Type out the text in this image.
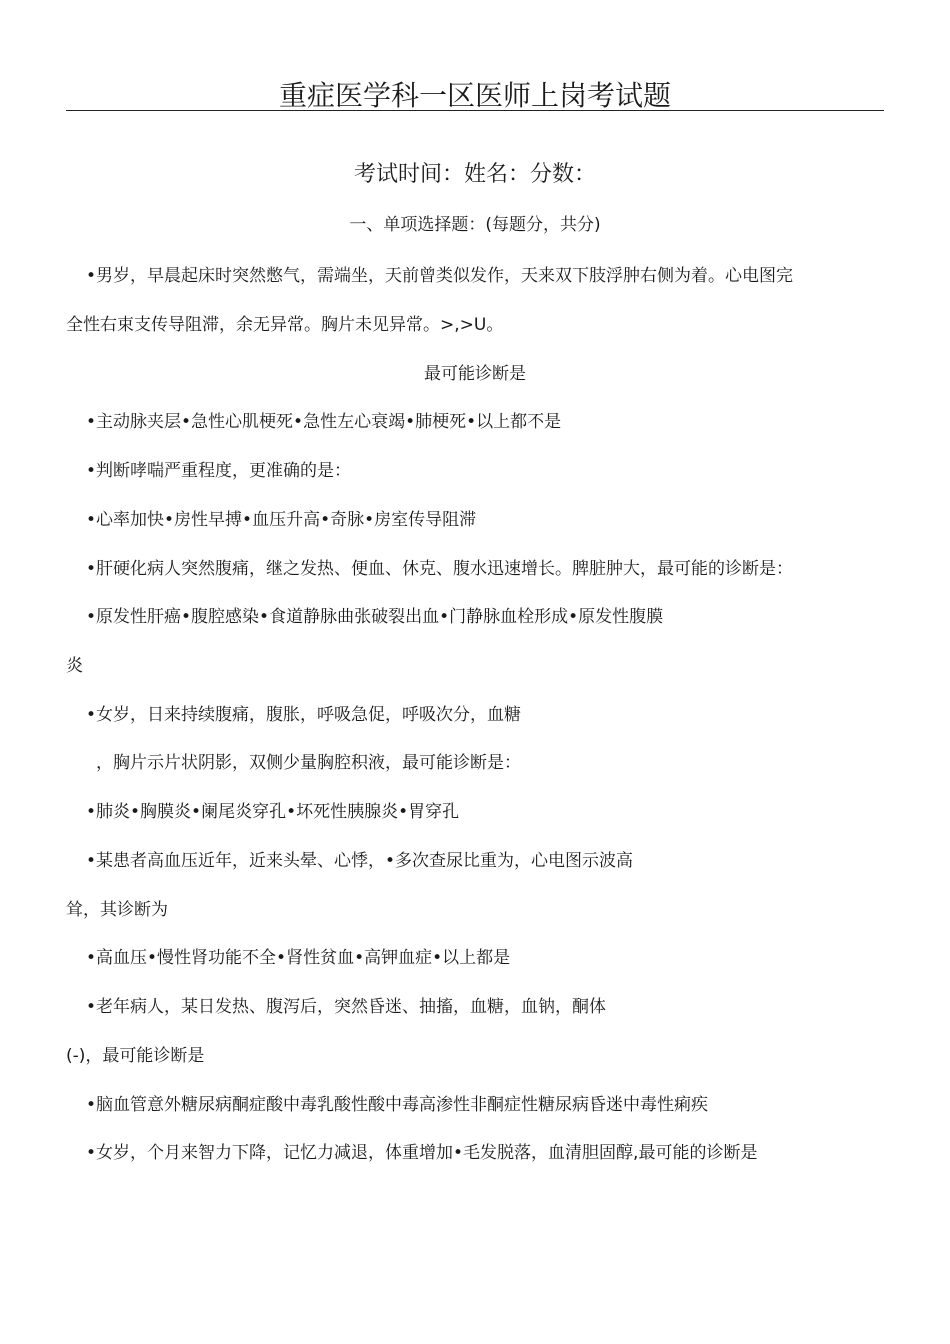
重症医学科一区医师上岗考试题
考试时间：姓名：分数：
一、单项选择题：(每题分，共分)
•男岁，早晨起床时突然憋气，需端坐，天前曾类似发作，天来双下肢浮肿右侧为着。心电图完
全性右束支传导阻滞，余无异常。胸片未见异常。>,>U。
最可能诊断是
•主动脉夹层•急性心肌梗死•急性左心衰竭•肺梗死•以上都不是
•判断哮喘严重程度，更准确的是：
•心率加快•房性早搏•血压升高•奇脉•房室传导阻滞
•肝硬化病人突然腹痛，继之发热、便血、休克、腹水迅速增长。脾脏肿大，最可能的诊断是：
•原发性肝癌•腹腔感染•食道静脉曲张破裂出血•门静脉血栓形成•原发性腹膜
炎
•女岁，日来持续腹痛，腹胀，呼吸急促，呼吸次分，血糖
，胸片示片状阴影，双侧少量胸腔积液，最可能诊断是：
•肺炎•胸膜炎•阑尾炎穿孔•坏死性胰腺炎•胃穿孔
•某患者高血压近年，近来头晕、心悸，•多次查尿比重为，心电图示波高
耸，其诊断为
•高血压•慢性肾功能不全•肾性贫血•高钾血症•以上都是
•老年病人，某日发热、腹泻后，突然昏迷、抽搐，血糖，血钠，酮体
(-)，最可能诊断是
•脑血管意外糖尿病酮症酸中毒乳酸性酸中毒高渗性非酮症性糖尿病昏迷中毒性痢疾
•女岁，个月来智力下降，记忆力减退，体重增加•毛发脱落，血清胆固醇,最可能的诊断是
